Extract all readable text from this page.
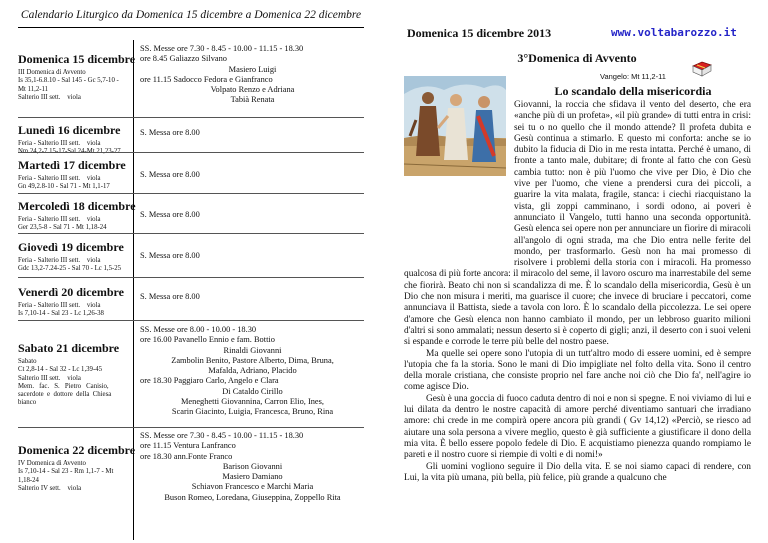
Calendario Liturgico da Domenica 15 dicembre a Domenica 22 dicembre
Domenica 15 dicembre
III Domenica di Avvento
Is 35,1-6.8.10 - Sal 145 - Gc 5,7-10 -
Mt 11,2-11
Salterio III sett.    viola
SS. Messe ore 7.30 - 8.45 - 10.00 - 11.15 - 18.30
ore 8.45 Galiazzo Silvano
Masiero Luigi
ore 11.15 Sadocco Fedora e Gianfranco
Volpato Renzo e Adriana
Tabià Renata
Lunedì 16 dicembre
Feria - Salterio III sett.    viola
Nm 24,2-7.15-17-Sal 24-Mt 21,23-27
S. Messa ore 8.00
Martedì 17 dicembre
Feria - Salterio III sett.    viola
Gn 49,2.8-10 - Sal 71 - Mt 1,1-17
S. Messa ore 8.00
Mercoledì 18 dicembre
Feria - Salterio III sett.    viola
Ger 23,5-8 - Sal 71 - Mt 1,18-24
S. Messa ore 8.00
Giovedì 19 dicembre
Feria - Salterio III sett.    viola
Gdc 13,2-7.24-25 - Sal 70 - Lc 1,5-25
S. Messa ore 8.00
Venerdì 20 dicembre
Feria - Salterio III sett.    viola
Is 7,10-14 - Sal 23 - Lc 1,26-38
S. Messa ore 8.00
Sabato 21 dicembre
Sabato
Ct 2,8-14 - Sal 32 - Lc 1,39-45
Salterio III sett.    viola
Mem.   fac.   S.   Pietro   Canisio,
sacerdote  e  dottore  della  Chiesa
bianco
SS. Messe ore 8.00 - 10.00 - 18.30
ore 16.00 Pavanello Ennio e fam. Bottio
Rinaldi Giovanni
Zambolin Benito, Pastore Alberto, Dima, Bruna,
Mafalda, Adriano, Placido
ore 18.30 Paggiaro Carlo, Angelo e Clara
Di Cataldo Cirillo
Meneghetti Giovannina, Carron Elio, Ines,
Scarin Giacinto, Luigia, Francesca, Bruno, Rina
Domenica 22 dicembre
IV Domenica di Avvento
Is 7,10-14 - Sal 23 - Rm 1,1-7 - Mt
1,18-24
Salterio IV sett.    viola
SS. Messe ore 7.30 - 8.45 - 10.00 - 11.15 - 18.30
ore 11.15 Ventura Lanfranco
ore 18.30 ann.Fonte Franco
Barison Giovanni
Masiero Damiano
Schiavon Francesco e Marchi Maria
Buson Romeo, Loredana, Giuseppina, Zoppello Rita
Domenica 15 dicembre 2013	www.voltabarozzo.it
3°Domenica di Avvento
Vangelo: Mt 11,2-11
Lo scandalo della misericordia

Giovanni, la roccia che sfidava il vento del deserto, che era «anche più di un profeta», «il più grande» di tutti entra in crisi: sei tu o no quello che il mondo attende? Il profeta dubita e Gesù continua a stimarlo. E questo mi conforta: anche se io dubito la fiducia di Dio in me resta intatta. Perché è umano, di fronte a tanto male, dubitare; di fronte al fatto che con Gesù cambia tutto: non è più l'uomo che vive per Dio, è Dio che vive per l'uomo, che viene a prendersi cura dei piccoli, a guarire la vita malata, fragile, stanca: i ciechi riacquistano la vista, gli zoppi camminano, i sordi odono, ai poveri è annunciato il Vangelo, tutti hanno una seconda opportunità. Gesù elenca sei opere non per annunciare un fiorire di miracoli all'angolo di ogni strada, ma che Dio entra nelle ferite del mondo, per trasformarlo. Gesù non ha mai promesso di risolvere i problemi della storia con i miracoli. Ha promesso qualcosa di più forte ancora: il miracolo del seme, il lavoro oscuro ma inarrestabile del seme che fiorirà. Beato chi non si scandalizza di me. È lo scandalo della misericordia, Gesù è un Dio che non misura i meriti, ma guarisce il cuore; che invece di bruciare i peccatori, come annunciava il Battista, siede a tavola con loro. È lo scandalo della piccolezza. Le sei opere d'amore che Gesù elenca non hanno cambiato il mondo, per un lebbroso guarito milioni d'altri si sono ammalati; nessun deserto si è coperto di gigli; anzi, il deserto con i suoi veleni si espande e corrode le terre più belle del nostro paese.

Ma quelle sei opere sono l'utopia di un tutt'altro modo di essere uomini, ed è sempre l'utopia che fa la storia. Sono le mani di Dio impigliate nel folto della vita. Sono il centro della morale cristiana, che consiste proprio nel fare anche noi ciò che Dio fa', nell'agire io come agisce Dio.

Gesù è una goccia di fuoco caduta dentro di noi e non si spegne. E noi viviamo di lui e lui dilata da dentro le nostre capacità di amore perché diventiamo santuari che irradiano amore: chi crede in me compirà opere ancora più grandi ( Gv 14,12) «Perciò, se riesco ad aiutare una sola persona a vivere meglio, questo è già sufficiente a giustificare il dono della mia vita. È bello essere popolo fedele di Dio. E acquistiamo pienezza quando rompiamo le pareti e il nostro cuore si riempie di volti e di nomi!»

Gli uomini vogliono seguire il Dio della vita. E se noi siamo capaci di rendere, con Lui, la vita più umana, più bella, più felice, più grande a qualcuno che
